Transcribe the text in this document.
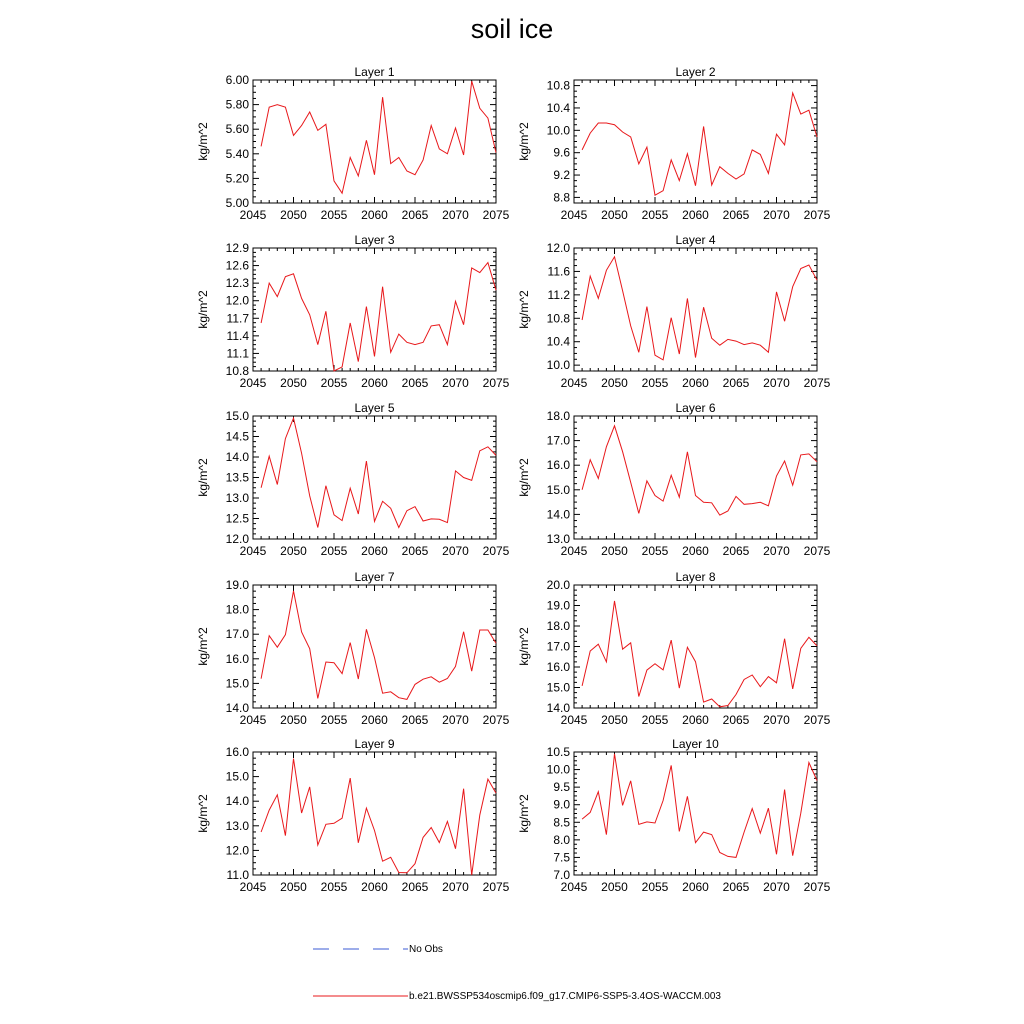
soil ice
Layer 1
kg/m^2
2045 2050 2055 2060 2065 2070 2075
5.00
5.20
5.40
5.60
5.80
6.00
Layer 2
kg/m^2
2045 2050 2055 2060 2065 2070 2075
8.8
9.2
9.6
10.0
10.4
10.8
Layer 3
kg/m^2
2045 2050 2055 2060 2065 2070 2075
10.8
11.1
11.4
11.7
12.0
12.3
12.6
12.9
Layer 4
kg/m^2
2045 2050 2055 2060 2065 2070 2075
10.0
10.4
10.8
11.2
11.6
12.0
Layer 5
kg/m^2
2045 2050 2055 2060 2065 2070 2075
12.0
12.5
13.0
13.5
14.0
14.5
15.0
Layer 6
kg/m^2
2045 2050 2055 2060 2065 2070 2075
13.0
14.0
15.0
16.0
17.0
18.0
Layer 7
kg/m^2
2045 2050 2055 2060 2065 2070 2075
14.0
15.0
16.0
17.0
18.0
19.0
Layer 8
kg/m^2
2045 2050 2055 2060 2065 2070 2075
14.0
15.0
16.0
17.0
18.0
19.0
20.0
Layer 9
kg/m^2
2045 2050 2055 2060 2065 2070 2075
11.0
12.0
13.0
14.0
15.0
16.0
Layer 10
kg/m^2
2045 2050 2055 2060 2065 2070 2075
7.0
7.5
8.0
8.5
9.0
9.5
10.0
10.5
No Obs
b.e21.BWSSP534oscmip6.f09_g17.CMIP6-SSP5-3.4OS-WACCM.003
